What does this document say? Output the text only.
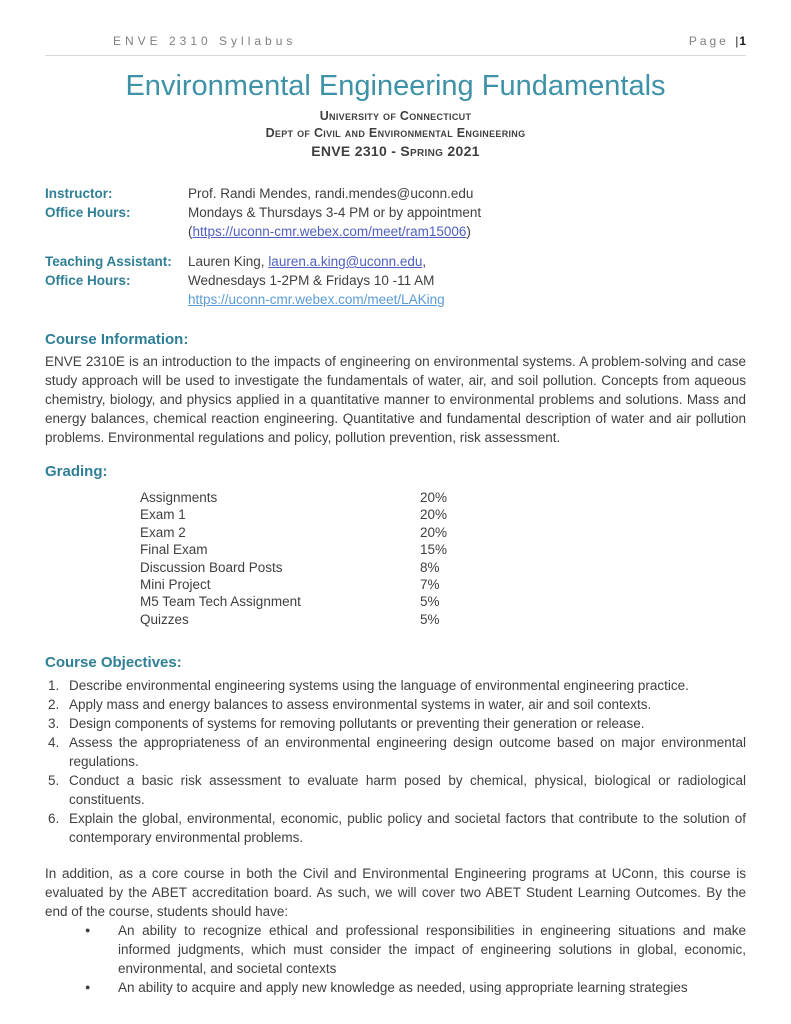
ENVE 2310 Syllabus	Page |1
Environmental Engineering Fundamentals
University of Connecticut
Dept of Civil and Environmental Engineering
ENVE 2310 - Spring 2021
Instructor:	Prof. Randi Mendes, randi.mendes@uconn.edu
Office Hours:	Mondays & Thursdays 3-4 PM or by appointment
(https://uconn-cmr.webex.com/meet/ram15006)
Teaching Assistant:	Lauren King, lauren.a.king@uconn.edu,
Office Hours:	Wednesdays 1-2PM & Fridays 10 -11 AM
https://uconn-cmr.webex.com/meet/LAKing
Course Information:
ENVE 2310E is an introduction to the impacts of engineering on environmental systems. A problem-solving and case study approach will be used to investigate the fundamentals of water, air, and soil pollution. Concepts from aqueous chemistry, biology, and physics applied in a quantitative manner to environmental problems and solutions. Mass and energy balances, chemical reaction engineering. Quantitative and fundamental description of water and air pollution problems. Environmental regulations and policy, pollution prevention, risk assessment.
Grading:
Assignments	20%
Exam 1	20%
Exam 2	20%
Final Exam	15%
Discussion Board Posts	8%
Mini Project	7%
M5 Team Tech Assignment	5%
Quizzes	5%
Course Objectives:
1. Describe environmental engineering systems using the language of environmental engineering practice.
2. Apply mass and energy balances to assess environmental systems in water, air and soil contexts.
3. Design components of systems for removing pollutants or preventing their generation or release.
4. Assess the appropriateness of an environmental engineering design outcome based on major environmental regulations.
5. Conduct a basic risk assessment to evaluate harm posed by chemical, physical, biological or radiological constituents.
6. Explain the global, environmental, economic, public policy and societal factors that contribute to the solution of contemporary environmental problems.
In addition, as a core course in both the Civil and Environmental Engineering programs at UConn, this course is evaluated by the ABET accreditation board. As such, we will cover two ABET Student Learning Outcomes. By the end of the course, students should have:
●	An ability to recognize ethical and professional responsibilities in engineering situations and make informed judgments, which must consider the impact of engineering solutions in global, economic, environmental, and societal contexts
●	An ability to acquire and apply new knowledge as needed, using appropriate learning strategies
